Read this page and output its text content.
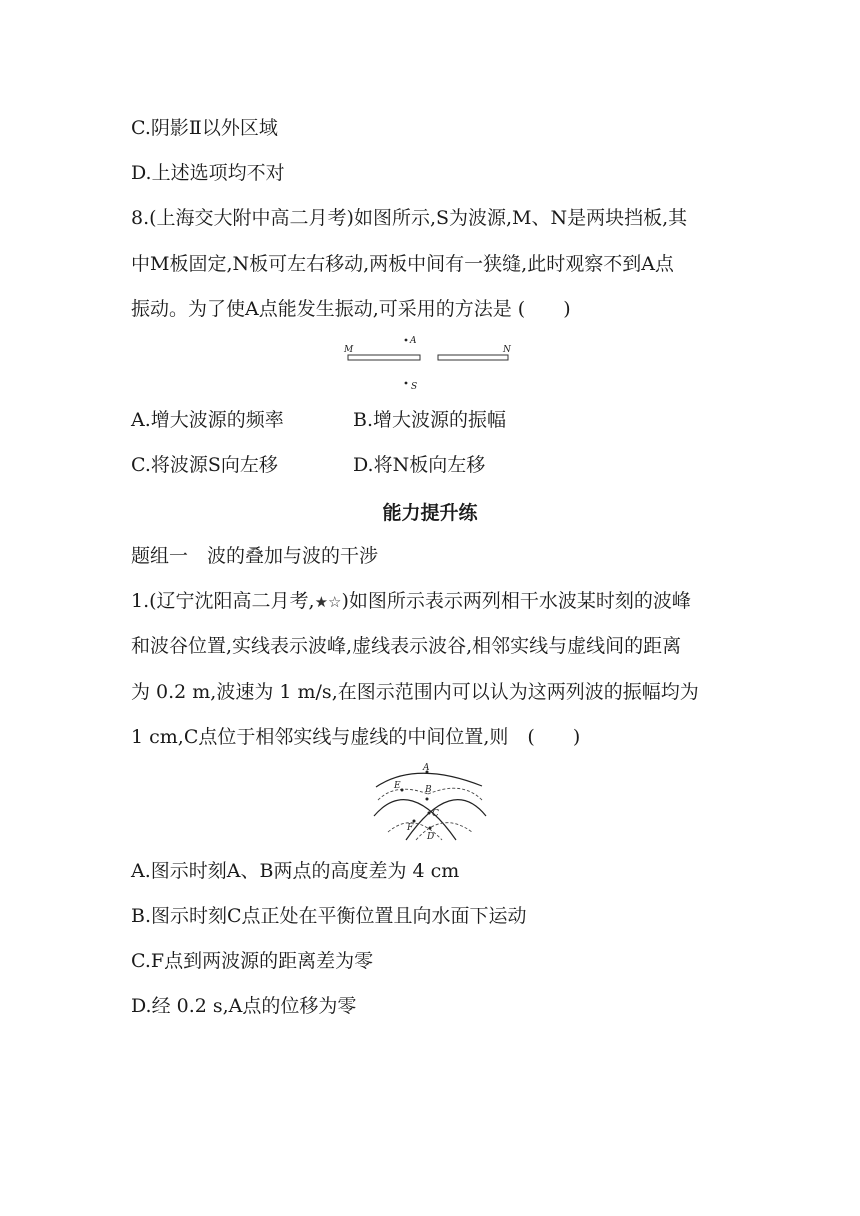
C.阴影Ⅱ以外区域
D.上述选项均不对
8.(上海交大附中高二月考)如图所示,S为波源,M、N是两块挡板,其
中M板固定,N板可左右移动,两板中间有一狭缝,此时观察不到A点
振动。为了使A点能发生振动,可采用的方法是 (　　)
M
A
N
S
A.增大波源的频率	B.增大波源的振幅
C.将波源S向左移	D.将N板向左移
能力提升练
题组一　波的叠加与波的干涉
1.(辽宁沈阳高二月考,★☆)如图所示表示两列相干水波某时刻的波峰
和波谷位置,实线表示波峰,虚线表示波谷,相邻实线与虚线间的距离
为 0.2 m,波速为 1 m/s,在图示范围内可以认为这两列波的振幅均为
1 cm,C点位于相邻实线与虚线的中间位置,则　(　　)
A
E	B
C
F
D
A.图示时刻A、B两点的高度差为 4 cm
B.图示时刻C点正处在平衡位置且向水面下运动
C.F点到两波源的距离差为零
D.经 0.2 s,A点的位移为零
